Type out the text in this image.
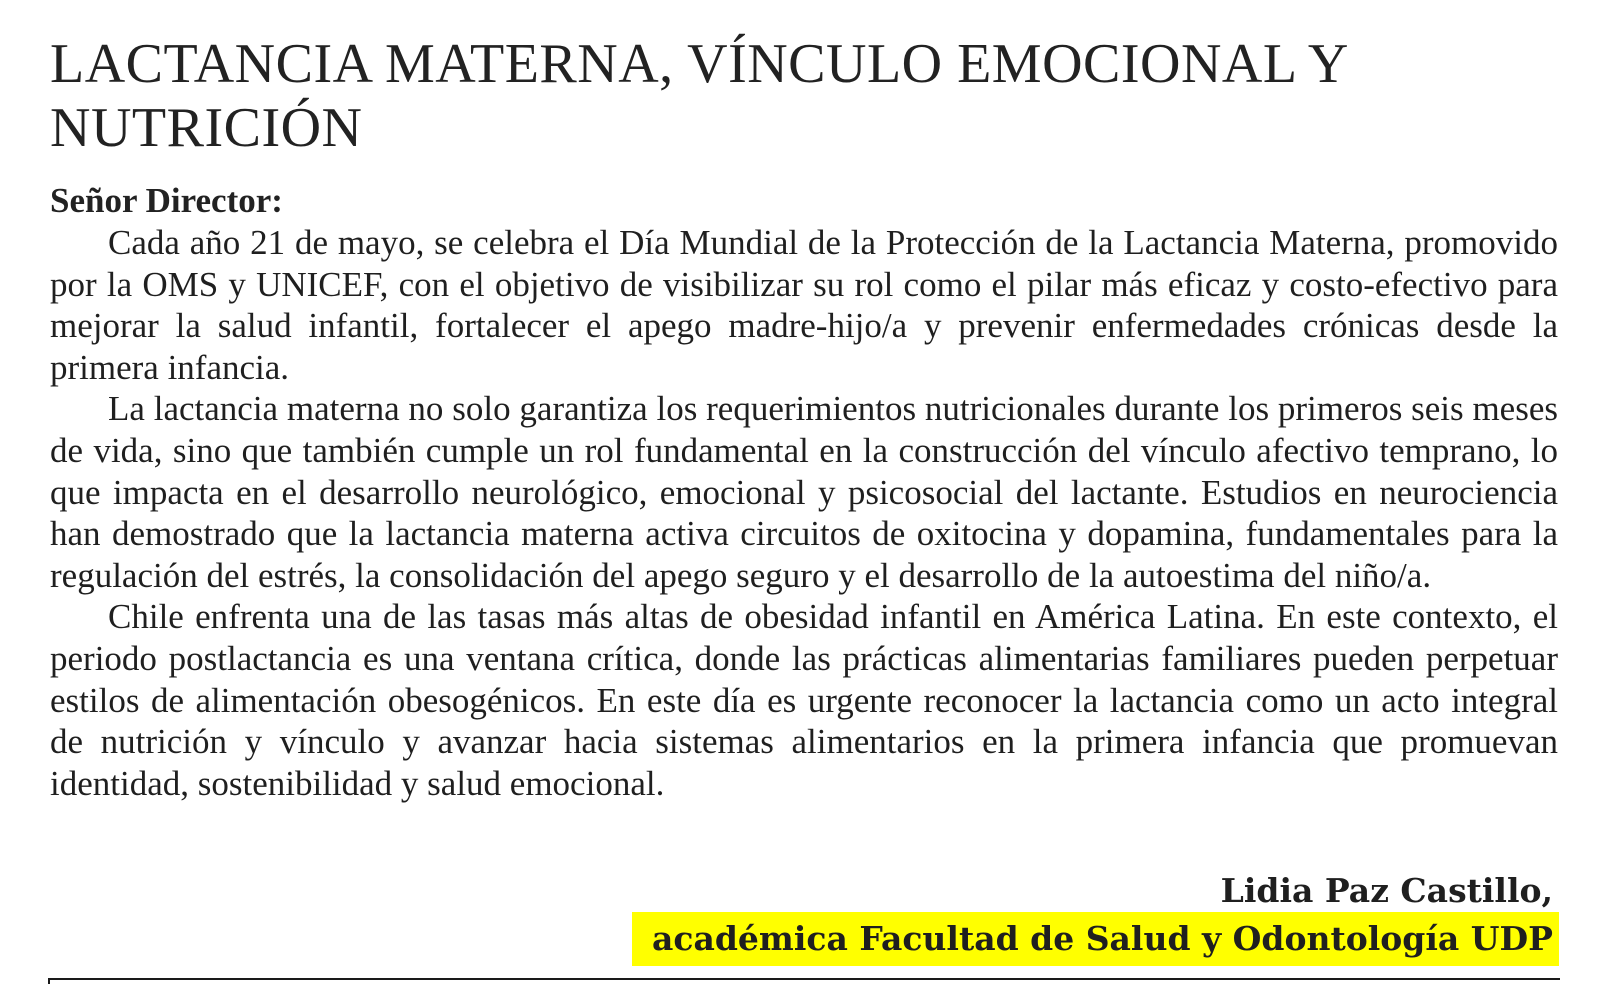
LACTANCIA MATERNA, VÍNCULO EMOCIONAL Y NUTRICIÓN

Señor Director:

Cada año 21 de mayo, se celebra el Día Mundial de la Protección de la Lactancia Materna, promovido por la OMS y UNICEF, con el objetivo de visibilizar su rol como el pilar más eficaz y costo-efectivo para mejorar la salud infantil, fortalecer el apego madre-hijo/a y prevenir enfermedades crónicas desde la primera infancia.

La lactancia materna no solo garantiza los requerimientos nutricionales durante los primeros seis meses de vida, sino que también cumple un rol fundamental en la construcción del vínculo afectivo temprano, lo que impacta en el desarrollo neurológico, emocional y psicosocial del lactante. Estudios en neurociencia han demostrado que la lactancia materna activa circuitos de oxitocina y dopamina, fundamentales para la regulación del estrés, la consolidación del apego seguro y el desarrollo de la autoestima del niño/a.

Chile enfrenta una de las tasas más altas de obesidad infantil en América Latina. En este contexto, el periodo postlactancia es una ventana crítica, donde las prácticas alimentarias familiares pueden perpetuar estilos de alimentación obesogénicos. En este día es urgente reconocer la lactancia como un acto integral de nutrición y vínculo y avanzar hacia sistemas alimentarios en la primera infancia que promuevan identidad, sostenibilidad y salud emocional.

Lidia Paz Castillo,
académica Facultad de Salud y Odontología UDP
